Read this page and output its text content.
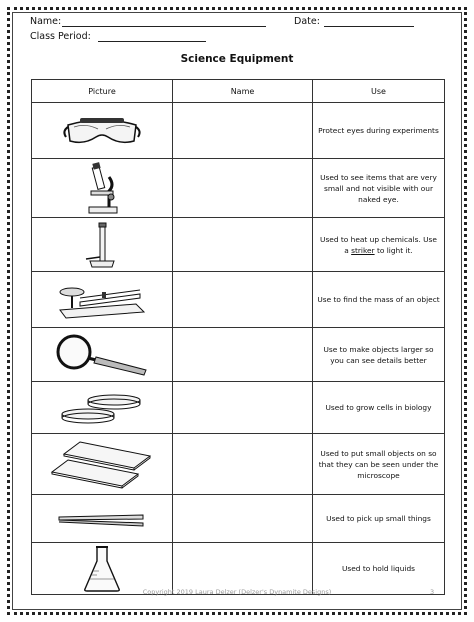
Name:	Date:
Class Period:
Science Equipment
Picture	Name	Use

		Protect eyes during experiments

		Used to see items that are very small and not visible with our naked eye.

		Used to heat up chemicals. Use a striker to light it.

		Use to find the mass of an object

		Use to make objects larger so you can see details better

		Used to grow cells in biology

		Used to put small objects on so that they can be seen under the microscope

		Used to pick up small things

		Used to hold liquids
Copyright 2019 Laura Delzer (Delzer's Dynamite Designs)	3
